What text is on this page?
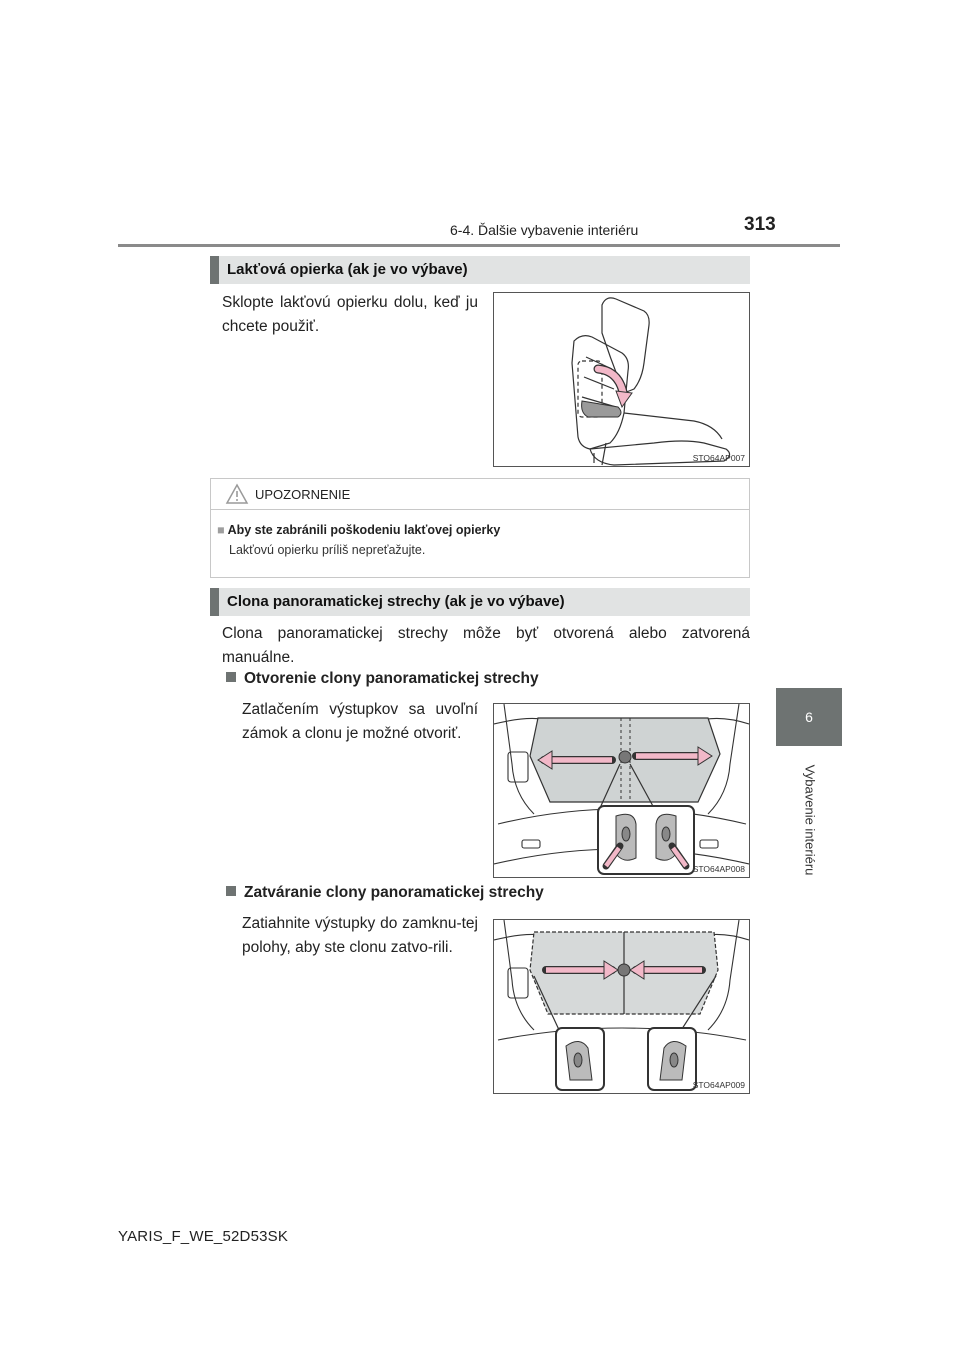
6-4. Ďalšie vybavenie interiéru	313
6
Vybavenie interiéru
Lakťová opierka (ak je vo výbave)
Sklopte lakťovú opierku dolu, keď ju chcete použiť.
STO64AP007
UPOZORNENIE
■ Aby ste zabránili poškodeniu lakťovej opierky
Lakťovú opierku príliš nepreťažujte.
Clona panoramatickej strechy (ak je vo výbave)
Clona panoramatickej strechy môže byť otvorená alebo zatvorená manuálne.
Otvorenie clony panoramatickej strechy
Zatlačením výstupkov sa uvoľní zámok a clonu je možné otvoriť.
STO64AP008
Zatváranie clony panoramatickej strechy
Zatiahnite výstupky do zamknu-tej polohy, aby ste clonu zatvo-rili.
STO64AP009
YARIS_F_WE_52D53SK
